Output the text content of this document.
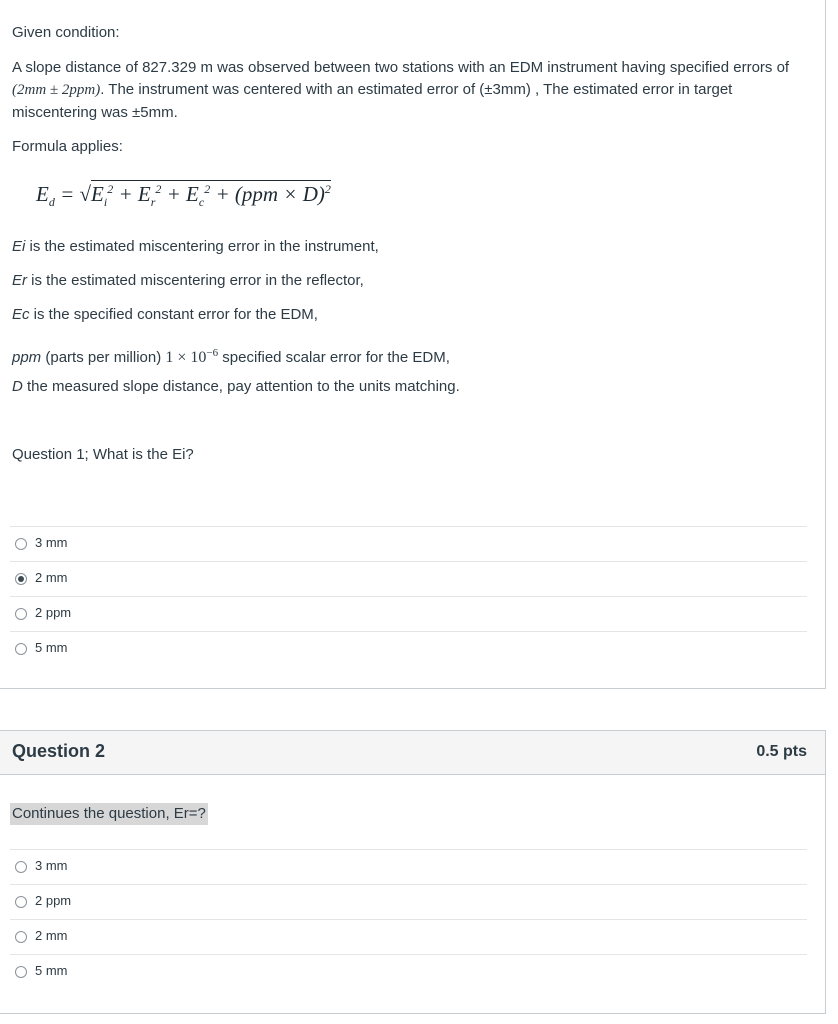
Given condition:
A slope distance of 827.329 m was observed between two stations with an EDM instrument having specified errors of
(2mm ± 2ppm). The instrument was centered with an estimated error of (±3mm) , The estimated error in target
miscentering was ±5mm.
Formula applies:
$E_d = √E_i^2 + E_r^2 + E_c^2 + (ppm \times D)^2$
Ei is the estimated miscentering error in the instrument,
Er is the estimated miscentering error in the reflector,
Ec is the specified constant error for the EDM,
ppm (parts per million) $1 \times 10^{-6}$ specified scalar error for the EDM,
D the measured slope distance, pay attention to the units matching.
Question 1; What is the Ei?
3 mm
2 mm
2 ppm
5 mm
Question 2	0.5 pts
Continues the question, Er=?
3 mm
2 ppm
2 mm
5 mm
